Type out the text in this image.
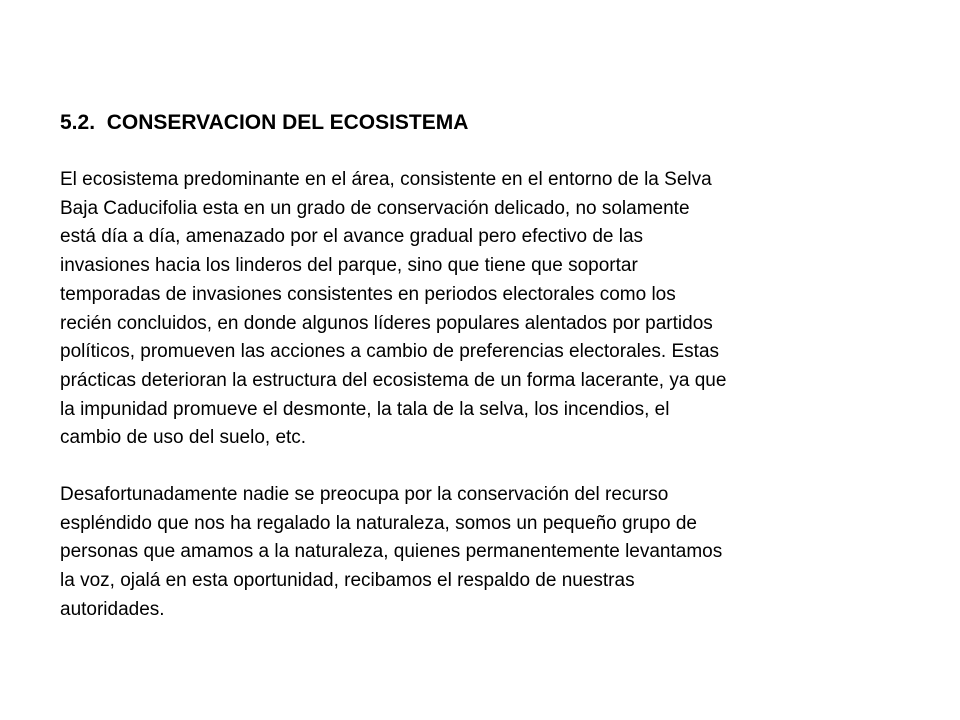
5.2.  CONSERVACION DEL ECOSISTEMA

El ecosistema predominante en el área, consistente en el entorno de la Selva
Baja Caducifolia esta en un grado de conservación delicado, no solamente
está día a día, amenazado por el avance gradual pero efectivo de las
invasiones hacia los linderos del parque, sino que tiene que soportar
temporadas de invasiones consistentes en periodos electorales como los
recién concluidos, en donde algunos líderes populares alentados por partidos
políticos, promueven las acciones a cambio de preferencias electorales. Estas
prácticas deterioran la estructura del ecosistema de un forma lacerante, ya que
la impunidad promueve el desmonte, la tala de la selva, los incendios, el
cambio de uso del suelo, etc.

Desafortunadamente nadie se preocupa por la conservación del recurso
espléndido que nos ha regalado la naturaleza, somos un pequeño grupo de
personas que amamos a la naturaleza, quienes permanentemente levantamos
la voz, ojalá en esta oportunidad, recibamos el respaldo de nuestras
autoridades.
